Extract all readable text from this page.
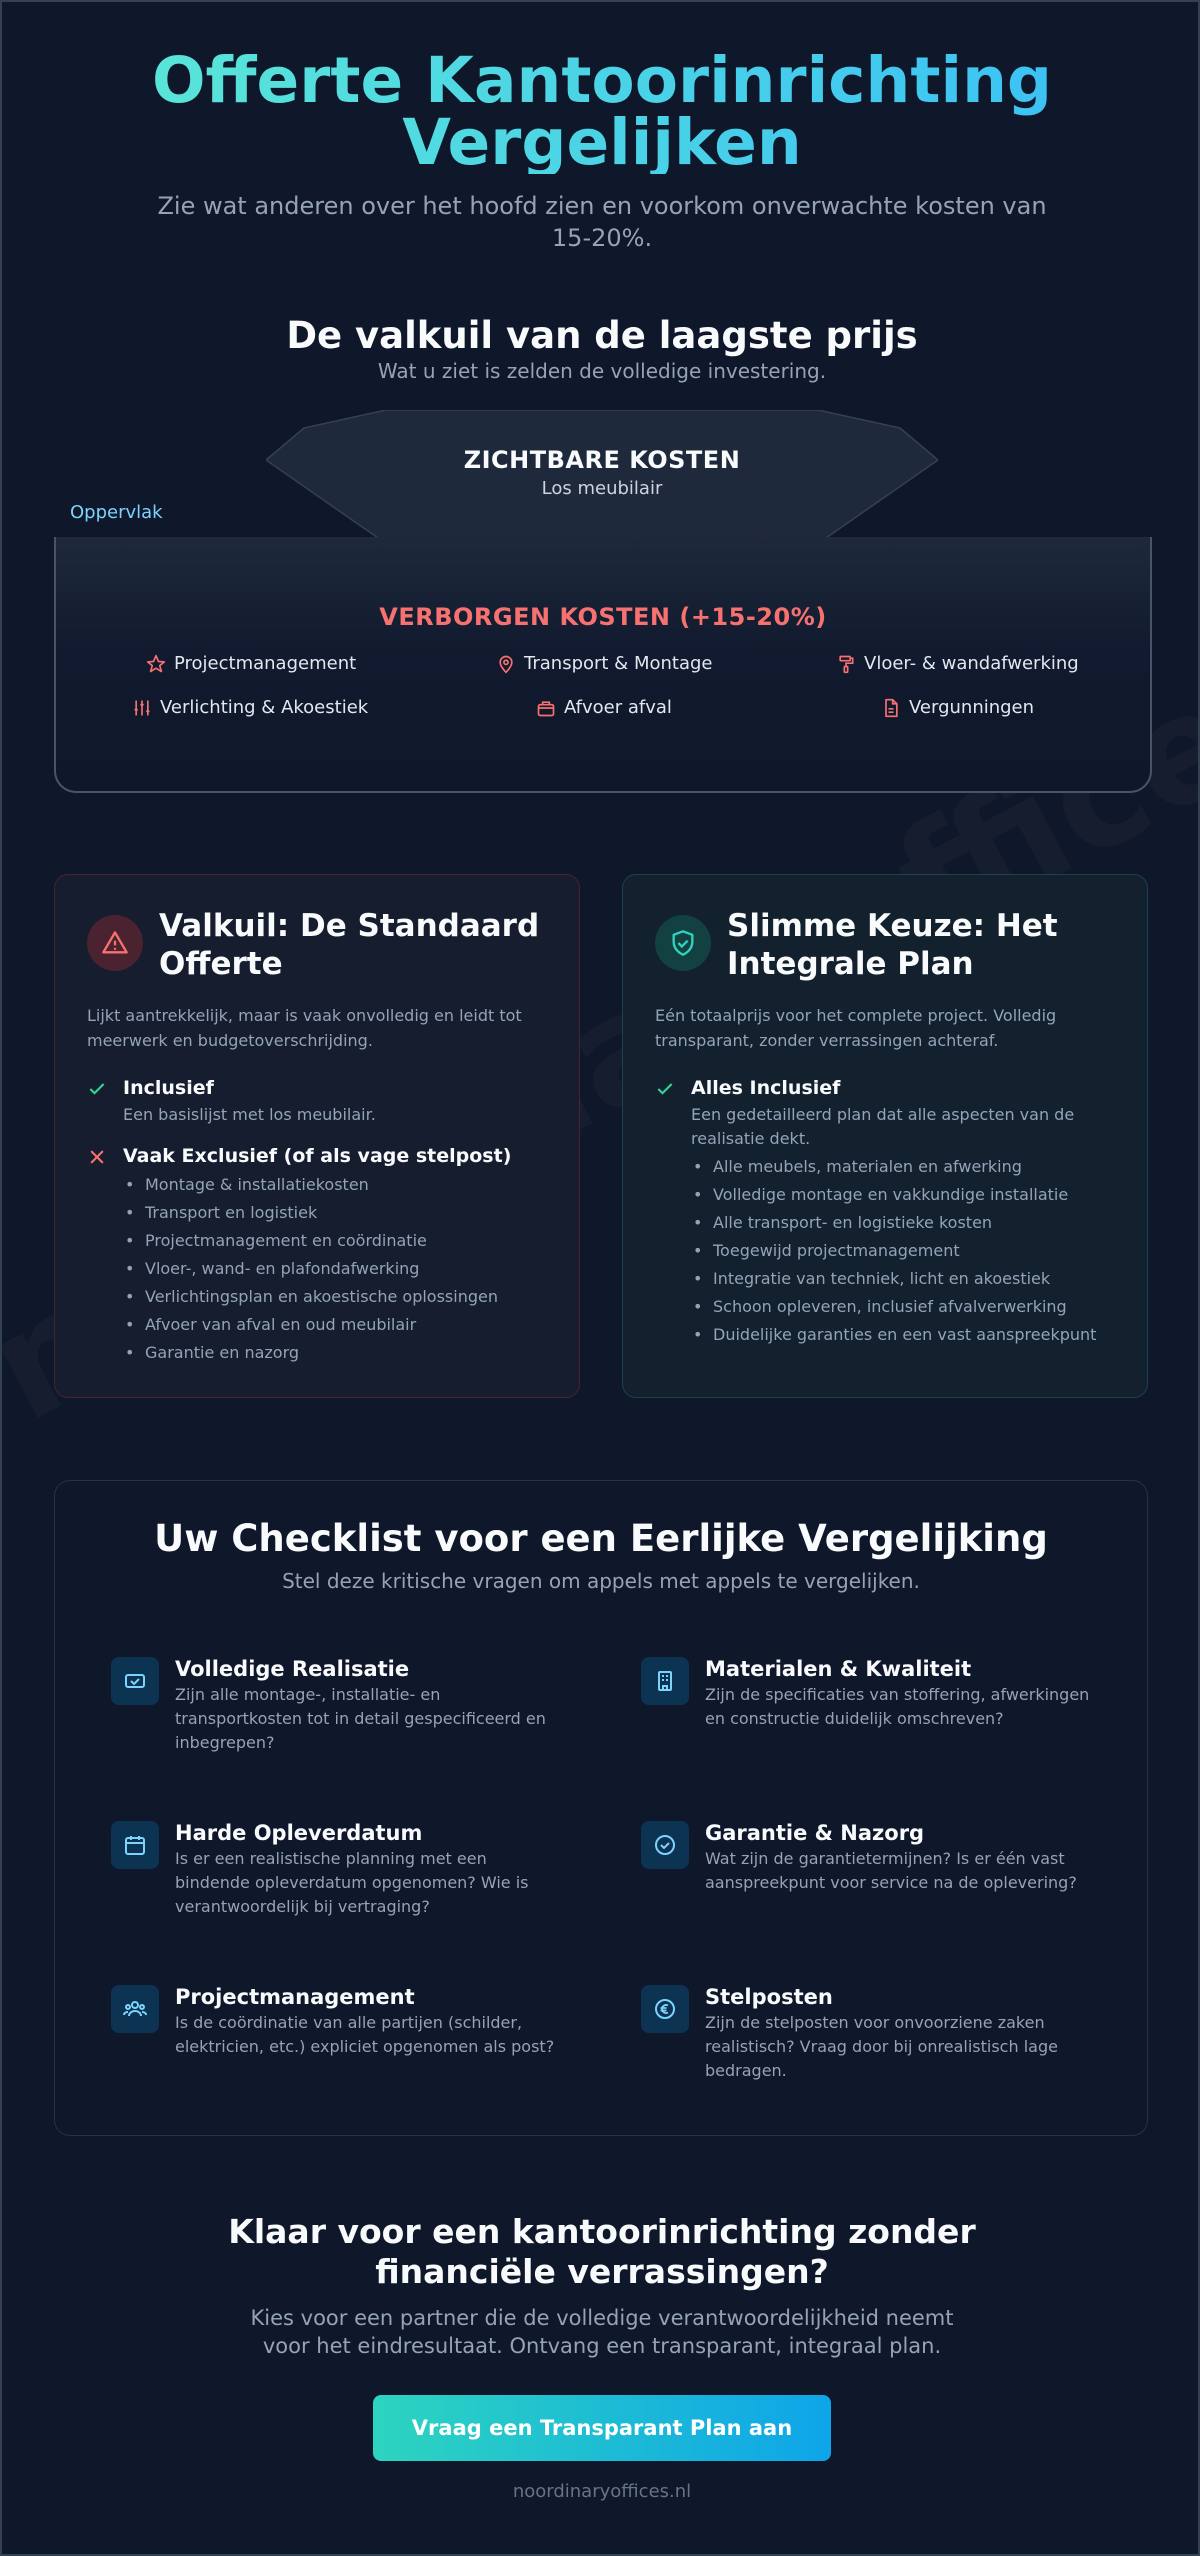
Offerte Kantoorinrichting Vergelijken
Zie wat anderen over het hoofd zien en voorkom onverwachte kosten van 15-20%.
De valkuil van de laagste prijs
Wat u ziet is zelden de volledige investering.
ZICHTBARE KOSTEN
Los meubilair
Oppervlak
VERBORGEN KOSTEN (+15-20%)
Projectmanagement	Transport & Montage	Vloer- & wandafwerking
Verlichting & Akoestiek	Afvoer afval	Vergunningen
Valkuil: De Standaard Offerte
Lijkt aantrekkelijk, maar is vaak onvolledig en leidt tot meerwerk en budgetoverschrijding.
Inclusief
Een basislijst met los meubilair.
Vaak Exclusief (of als vage stelpost)
• Montage & installatiekosten
• Transport en logistiek
• Projectmanagement en coördinatie
• Vloer-, wand- en plafondafwerking
• Verlichtingsplan en akoestische oplossingen
• Afvoer van afval en oud meubilair
• Garantie en nazorg
Slimme Keuze: Het Integrale Plan
Eén totaalprijs voor het complete project. Volledig transparant, zonder verrassingen achteraf.
Alles Inclusief
Een gedetailleerd plan dat alle aspecten van de realisatie dekt.
• Alle meubels, materialen en afwerking
• Volledige montage en vakkundige installatie
• Alle transport- en logistieke kosten
• Toegewijd projectmanagement
• Integratie van techniek, licht en akoestiek
• Schoon opleveren, inclusief afvalverwerking
• Duidelijke garanties en een vast aanspreekpunt
Uw Checklist voor een Eerlijke Vergelijking
Stel deze kritische vragen om appels met appels te vergelijken.
Volledige Realisatie
Zijn alle montage-, installatie- en transportkosten tot in detail gespecificeerd en inbegrepen?
Materialen & Kwaliteit
Zijn de specificaties van stoffering, afwerkingen en constructie duidelijk omschreven?
Harde Opleverdatum
Is er een realistische planning met een bindende opleverdatum opgenomen? Wie is verantwoordelijk bij vertraging?
Garantie & Nazorg
Wat zijn de garantietermijnen? Is er één vast aanspreekpunt voor service na de oplevering?
Projectmanagement
Is de coördinatie van alle partijen (schilder, elektricien, etc.) expliciet opgenomen als post?
Stelposten
Zijn de stelposten voor onvoorziene zaken realistisch? Vraag door bij onrealistisch lage bedragen.
Klaar voor een kantoorinrichting zonder financiële verrassingen?
Kies voor een partner die de volledige verantwoordelijkheid neemt voor het eindresultaat. Ontvang een transparant, integraal plan.
Vraag een Transparant Plan aan
noordinaryoffices.nl
